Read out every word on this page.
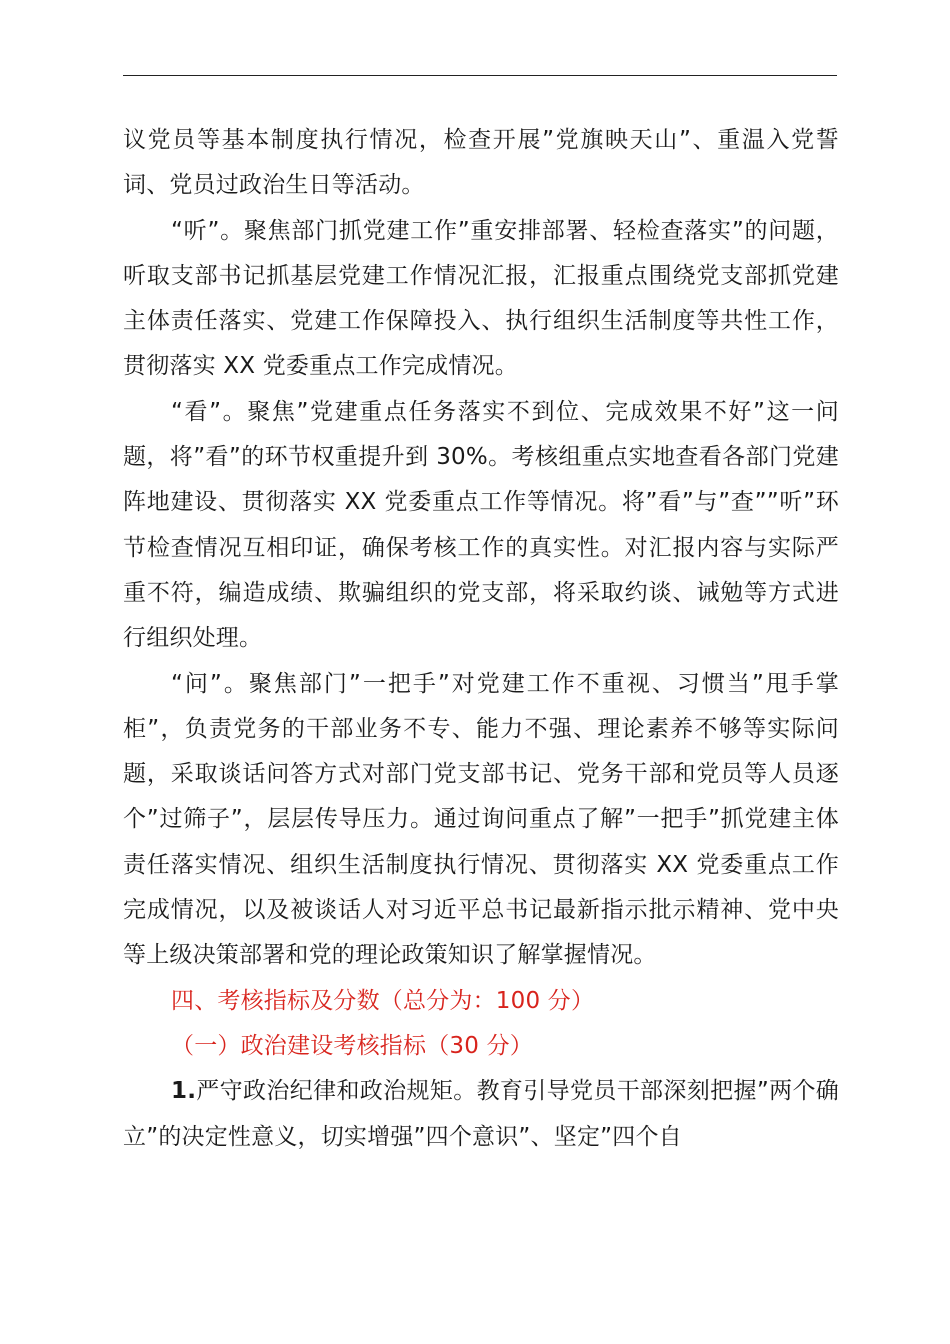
议党员等基本制度执行情况，检查开展”党旗映天山”、重温入党誓词、党员过政治生日等活动。

“听”。聚焦部门抓党建工作”重安排部署、轻检查落实”的问题，听取支部书记抓基层党建工作情况汇报，汇报重点围绕党支部抓党建主体责任落实、党建工作保障投入、执行组织生活制度等共性工作，贯彻落实 XX 党委重点工作完成情况。

“看”。聚焦”党建重点任务落实不到位、完成效果不好”这一问题，将”看”的环节权重提升到 30%。考核组重点实地查看各部门党建阵地建设、贯彻落实 XX 党委重点工作等情况。将”看”与”查””听”环节检查情况互相印证，确保考核工作的真实性。对汇报内容与实际严重不符，编造成绩、欺骗组织的党支部，将采取约谈、诫勉等方式进行组织处理。

“问”。聚焦部门”一把手”对党建工作不重视、习惯当”甩手掌柜”，负责党务的干部业务不专、能力不强、理论素养不够等实际问题，采取谈话问答方式对部门党支部书记、党务干部和党员等人员逐个”过筛子”，层层传导压力。通过询问重点了解”一把手”抓党建主体责任落实情况、组织生活制度执行情况、贯彻落实 XX 党委重点工作完成情况，以及被谈话人对习近平总书记最新指示批示精神、党中央等上级决策部署和党的理论政策知识了解掌握情况。

四、考核指标及分数（总分为：100 分）

（一）政治建设考核指标（30 分）

1.严守政治纪律和政治规矩。教育引导党员干部深刻把握”两个确立”的决定性意义，切实增强”四个意识”、坚定”四个自
